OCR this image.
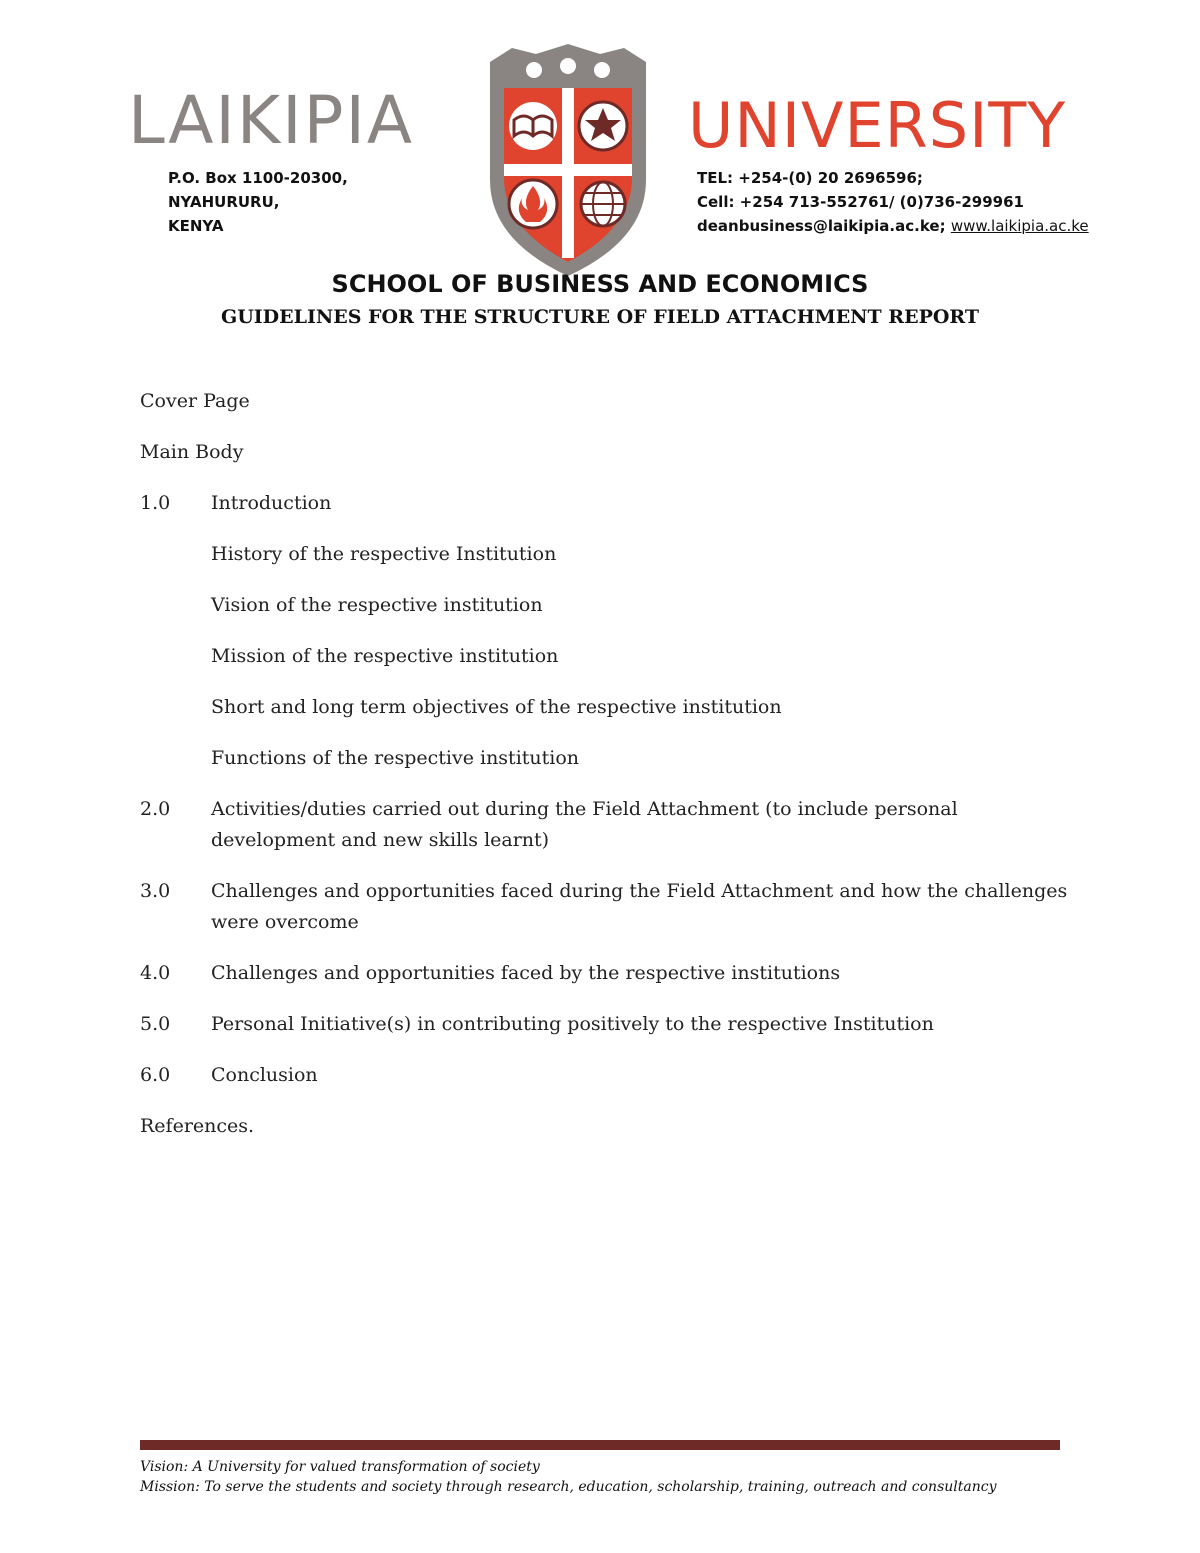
LAIKIPIA	UNIVERSITY
P.O. Box 1100-20300,
NYAHURURU,
KENYA
TEL: +254-(0) 20 2696596;
Cell: +254 713-552761/ (0)736-299961
deanbusiness@laikipia.ac.ke; www.laikipia.ac.ke
SCHOOL OF BUSINESS AND ECONOMICS
GUIDELINES FOR THE STRUCTURE OF FIELD ATTACHMENT REPORT

Cover Page

Main Body

1.0	Introduction

History of the respective Institution

Vision of the respective institution

Mission of the respective institution

Short and long term objectives of the respective institution

Functions of the respective institution

2.0	Activities/duties carried out during the Field Attachment (to include personal development and new skills learnt)
3.0	Challenges and opportunities faced during the Field Attachment and how the challenges were overcome
4.0	Challenges and opportunities faced by the respective institutions
5.0	Personal Initiative(s) in contributing positively to the respective Institution
6.0	Conclusion

References.

Vision: A University for valued transformation of society
Mission: To serve the students and society through research, education, scholarship, training, outreach and consultancy
